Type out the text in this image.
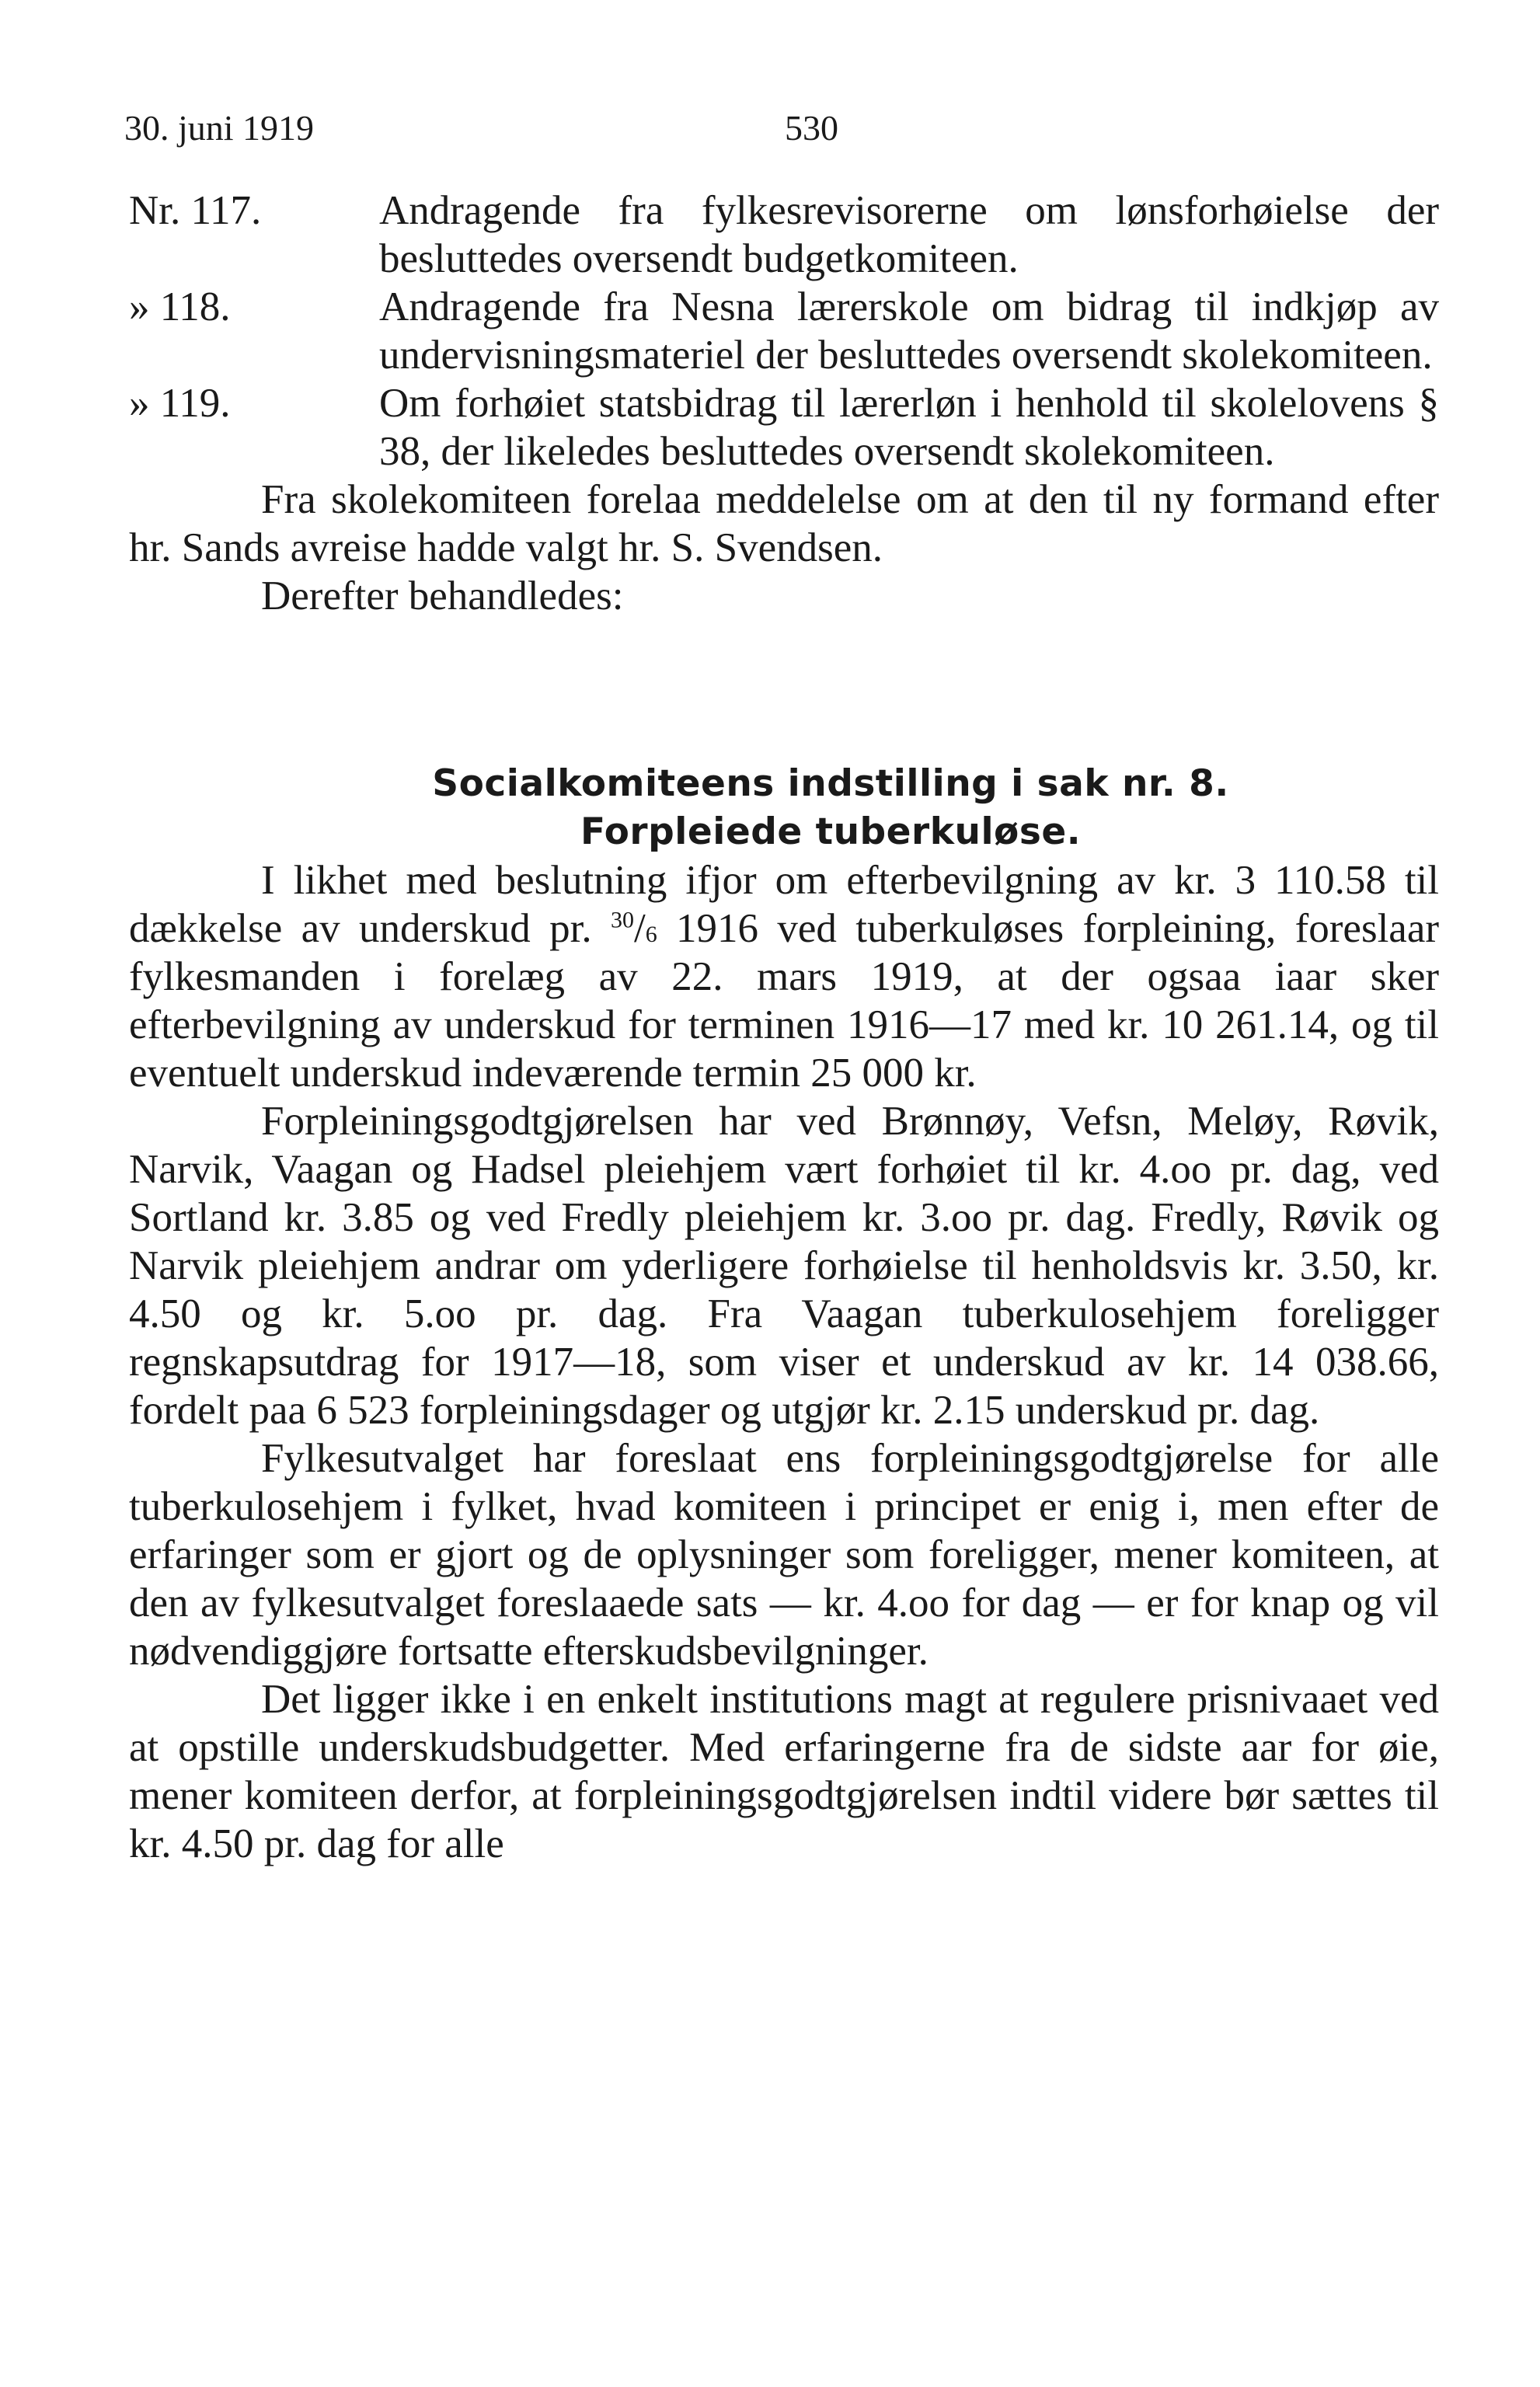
30. juni 1919	530
Nr. 117.	Andragende fra fylkesrevisorerne om lønsforhøielse der besluttedes oversendt budgetkomiteen.
» 118.	Andragende fra Nesna lærerskole om bidrag til indkjøp av undervisningsmateriel der besluttedes oversendt skolekomiteen.
» 119.	Om forhøiet statsbidrag til lærerløn i henhold til skolelovens § 38, der likeledes besluttedes oversendt skolekomiteen.

Fra skolekomiteen forelaa meddelelse om at den til ny formand efter hr. Sands avreise hadde valgt hr. S. Svendsen.

Derefter behandledes:

Socialkomiteens indstilling i sak nr. 8.

Forpleiede tuberkuløse.

I likhet med beslutning ifjor om efterbevilgning av kr. 3 110.58 til dækkelse av underskud pr. $^{30}$/6 1916 ved tuberkuløses forpleining, foreslaar fylkesmanden i forelæg av 22. mars 1919, at der ogsaa iaar sker efterbevilgning av underskud for terminen 1916—17 med kr. 10 261.14, og til eventuelt underskud indeværende termin 25 000 kr.

Forpleiningsgodtgjørelsen har ved Brønnøy, Vefsn, Meløy, Røvik, Narvik, Vaagan og Hadsel pleiehjem vært forhøiet til kr. 4.oo pr. dag, ved Sortland kr. 3.85 og ved Fredly pleiehjem kr. 3.oo pr. dag. Fredly, Røvik og Narvik pleiehjem andrar om yderligere forhøielse til henholdsvis kr. 3.50, kr. 4.50 og kr. 5.oo pr. dag. Fra Vaagan tuberkulosehjem foreligger regnskapsutdrag for 1917—18, som viser et underskud av kr. 14 038.66, fordelt paa 6 523 forpleiningsdager og utgjør kr. 2.15 underskud pr. dag.

Fylkesutvalget har foreslaat ens forpleiningsgodtgjørelse for alle tuberkulosehjem i fylket, hvad komiteen i principet er enig i, men efter de erfaringer som er gjort og de oplysninger som foreligger, mener komiteen, at den av fylkesutvalget foreslaaede sats — kr. 4.oo for dag — er for knap og vil nødvendiggjøre fortsatte efterskudsbevilgninger.

Det ligger ikke i en enkelt institutions magt at regulere prisnivaaet ved at opstille underskudsbudgetter. Med erfaringerne fra de sidste aar for øie, mener komiteen derfor, at forpleiningsgodtgjørelsen indtil videre bør sættes til kr. 4.50 pr. dag for alle
